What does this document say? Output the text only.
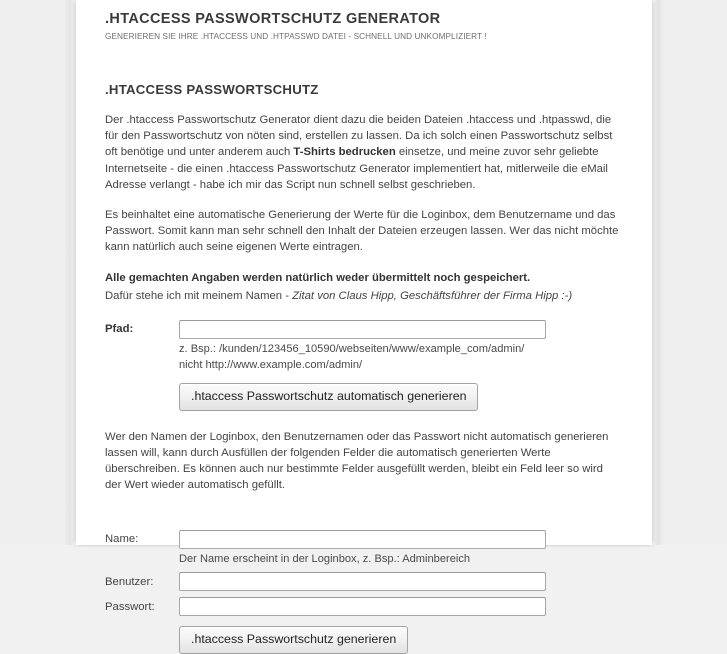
.HTACCESS PASSWORTSCHUTZ GENERATOR
GENERIEREN SIE IHRE .HTACCESS UND .HTPASSWD DATEI - SCHNELL UND UNKOMPLIZIERT !
.HTACCESS PASSWORTSCHUTZ

Der .htaccess Passwortschutz Generator dient dazu die beiden Dateien .htaccess und .htpasswd, die für den Passwortschutz von nöten sind, erstellen zu lassen. Da ich solch einen Passwortschutz selbst oft benötige und unter anderem auch T-Shirts bedrucken einsetze, und meine zuvor sehr geliebte Internetseite - die einen .htaccess Passwortschutz Generator implementiert hat, mitlerweile die eMail Adresse verlangt - habe ich mir das Script nun schnell selbst geschrieben.

Es beinhaltet eine automatische Generierung der Werte für die Loginbox, dem Benutzername und das Passwort. Somit kann man sehr schnell den Inhalt der Dateien erzeugen lassen. Wer das nicht möchte kann natürlich auch seine eigenen Werte eintragen.

Alle gemachten Angaben werden natürlich weder übermittelt noch gespeichert.

Dafür stehe ich mit meinem Namen - Zitat von Claus Hipp, Geschäftsführer der Firma Hipp :-)

Pfad:
z. Bsp.: /kunden/123456_10590/webseiten/www/example_com/admin/
nicht http://www.example.com/admin/
.htaccess Passwortschutz automatisch generieren

Wer den Namen der Loginbox, den Benutzernamen oder das Passwort nicht automatisch generieren lassen will, kann durch Ausfüllen der folgenden Felder die automatisch generierten Werte überschreiben. Es können auch nur bestimmte Felder ausgefüllt werden, bleibt ein Feld leer so wird der Wert wieder automatisch gefüllt.

Name:
Der Name erscheint in der Loginbox, z. Bsp.: Adminbereich
Benutzer:
Passwort:
.htaccess Passwortschutz generieren
